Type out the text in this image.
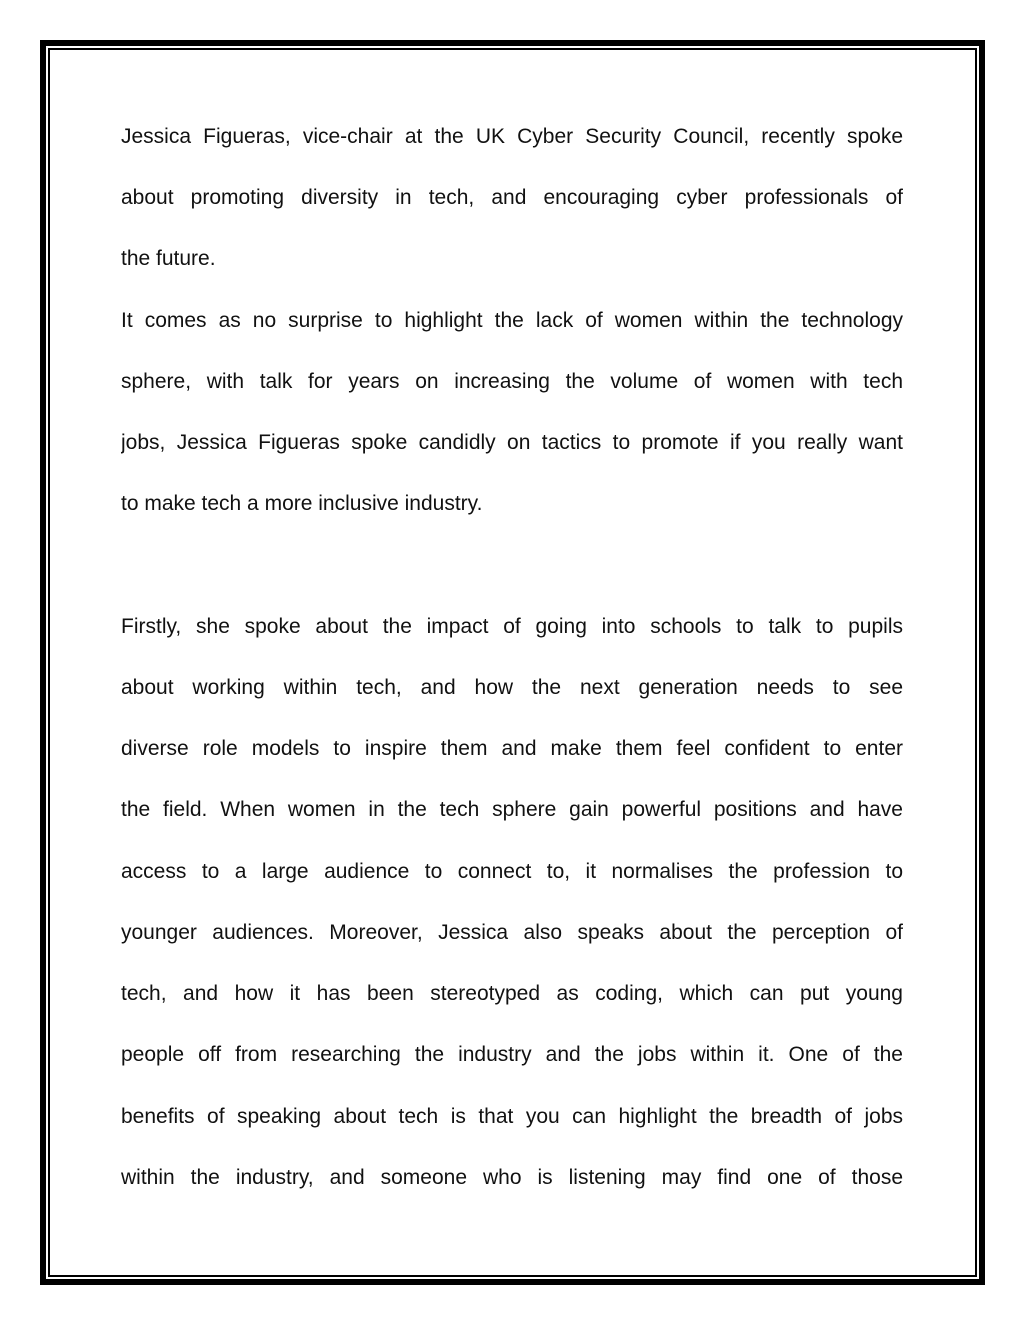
Jessica Figueras, vice-chair at the UK Cyber Security Council, recently spoke
about promoting diversity in tech, and encouraging cyber professionals of
the future.
It comes as no surprise to highlight the lack of women within the technology
sphere, with talk for years on increasing the volume of women with tech
jobs, Jessica Figueras spoke candidly on tactics to promote if you really want
to make tech a more inclusive industry.
Firstly, she spoke about the impact of going into schools to talk to pupils
about working within tech, and how the next generation needs to see
diverse role models to inspire them and make them feel confident to enter
the field. When women in the tech sphere gain powerful positions and have
access to a large audience to connect to, it normalises the profession to
younger audiences. Moreover, Jessica also speaks about the perception of
tech, and how it has been stereotyped as coding, which can put young
people off from researching the industry and the jobs within it. One of the
benefits of speaking about tech is that you can highlight the breadth of jobs
within the industry, and someone who is listening may find one of those
